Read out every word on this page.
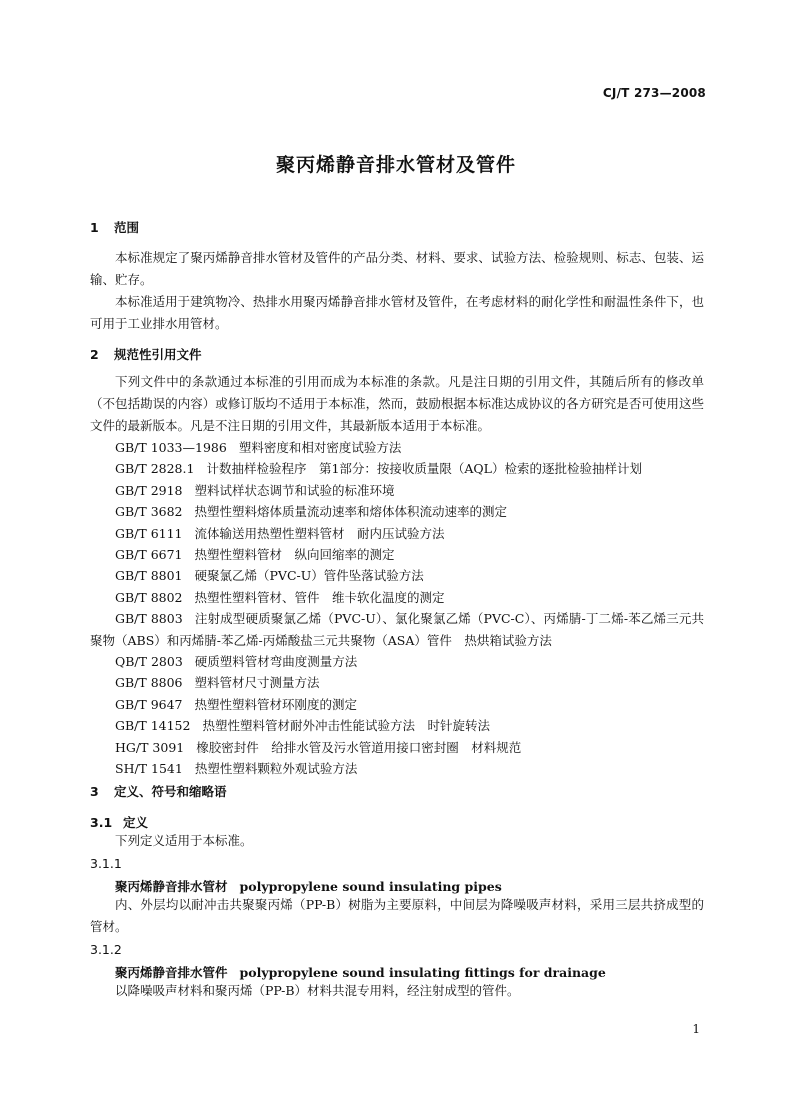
CJ/T 273—2008
聚丙烯静音排水管材及管件
1 范围
本标准规定了聚丙烯静音排水管材及管件的产品分类、材料、要求、试验方法、检验规则、标志、包装、运输、贮存。
本标准适用于建筑物冷、热排水用聚丙烯静音排水管材及管件，在考虑材料的耐化学性和耐温性条件下，也可用于工业排水用管材。
2 规范性引用文件
下列文件中的条款通过本标准的引用而成为本标准的条款。凡是注日期的引用文件，其随后所有的修改单（不包括勘误的内容）或修订版均不适用于本标准，然而，鼓励根据本标准达成协议的各方研究是否可使用这些文件的最新版本。凡是不注日期的引用文件，其最新版本适用于本标准。
GB/T 1033—1986 塑料密度和相对密度试验方法
GB/T 2828.1 计数抽样检验程序　第1部分：按接收质量限（AQL）检索的逐批检验抽样计划
GB/T 2918 塑料试样状态调节和试验的标准环境
GB/T 3682 热塑性塑料熔体质量流动速率和熔体体积流动速率的测定
GB/T 6111 流体输送用热塑性塑料管材　耐内压试验方法
GB/T 6671 热塑性塑料管材　纵向回缩率的测定
GB/T 8801 硬聚氯乙烯（PVC-U）管件坠落试验方法
GB/T 8802 热塑性塑料管材、管件　维卡软化温度的测定
GB/T 8803 注射成型硬质聚氯乙烯（PVC-U）、氯化聚氯乙烯（PVC-C）、丙烯腈-丁二烯-苯乙烯三元共聚物（ABS）和丙烯腈-苯乙烯-丙烯酸盐三元共聚物（ASA）管件　热烘箱试验方法
QB/T 2803 硬质塑料管材弯曲度测量方法
GB/T 8806 塑料管材尺寸测量方法
GB/T 9647 热塑性塑料管材环刚度的测定
GB/T 14152 热塑性塑料管材耐外冲击性能试验方法　时针旋转法
HG/T 3091 橡胶密封件　给排水管及污水管道用接口密封圈　材料规范
SH/T 1541 热塑性塑料颗粒外观试验方法
3 定义、符号和缩略语
3.1 定义
下列定义适用于本标准。
3.1.1
聚丙烯静音排水管材 polypropylene sound insulating pipes
内、外层均以耐冲击共聚聚丙烯（PP-B）树脂为主要原料，中间层为降噪吸声材料，采用三层共挤成型的管材。
3.1.2
聚丙烯静音排水管件 polypropylene sound insulating fittings for drainage
以降噪吸声材料和聚丙烯（PP-B）材料共混专用料，经注射成型的管件。
1
